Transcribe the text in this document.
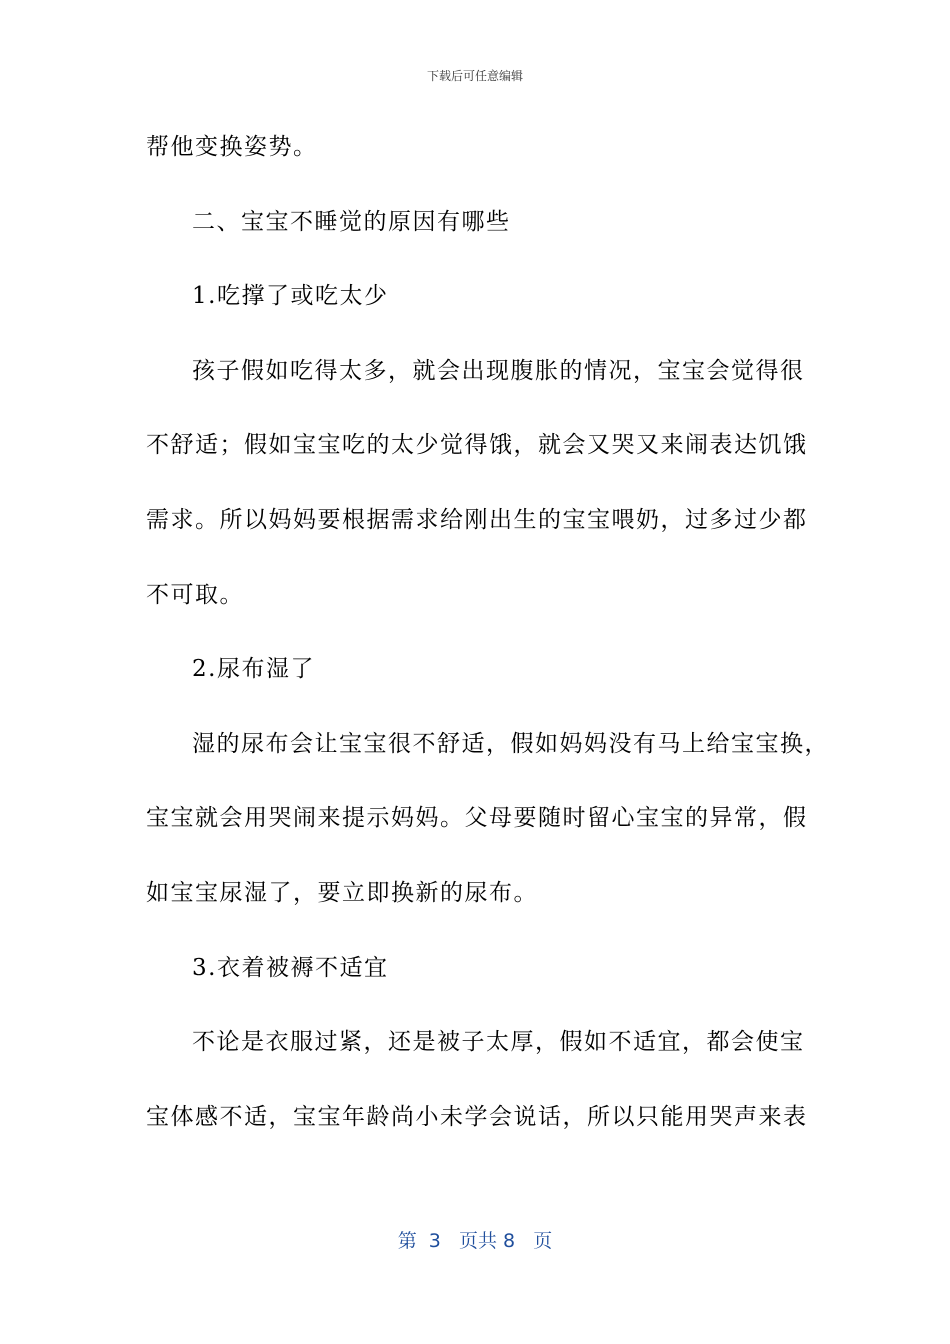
下载后可任意编辑
帮他变换姿势。
二、宝宝不睡觉的原因有哪些
1.吃撑了或吃太少
孩子假如吃得太多，就会出现腹胀的情况，宝宝会觉得很
不舒适；假如宝宝吃的太少觉得饿，就会又哭又来闹表达饥饿
需求。所以妈妈要根据需求给刚出生的宝宝喂奶，过多过少都
不可取。
2.尿布湿了
湿的尿布会让宝宝很不舒适，假如妈妈没有马上给宝宝换，
宝宝就会用哭闹来提示妈妈。父母要随时留心宝宝的异常，假
如宝宝尿湿了，要立即换新的尿布。
3.衣着被褥不适宜
不论是衣服过紧，还是被子太厚，假如不适宜，都会使宝
宝体感不适，宝宝年龄尚小未学会说话，所以只能用哭声来表
第  3   页共 8   页
